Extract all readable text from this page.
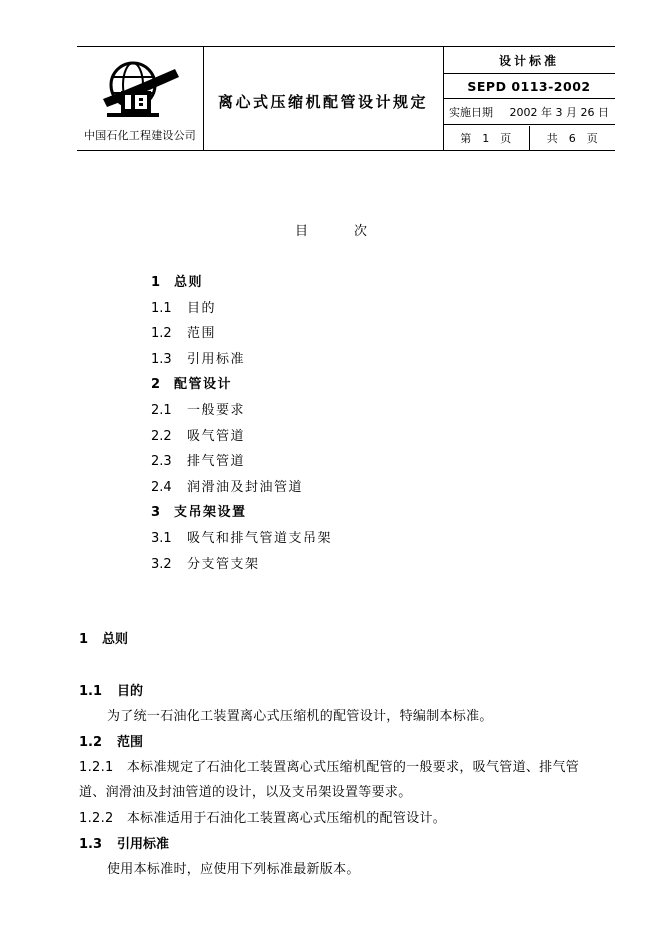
中国石化工程建设公司
离心式压缩机配管设计规定
设计标准
SEPD 0113-2002
实施日期 2002 年 3 月 26 日
第　1　页	共　6　页
目	次
1	总则
1.1	目的
1.2	范围
1.3	引用标准
2	配管设计
2.1	一般要求
2.2	吸气管道
2.3	排气管道
2.4	润滑油及封油管道
3	支吊架设置
3.1	吸气和排气管道支吊架
3.2	分支管支架
1 总则
1.1 目的
为了统一石油化工装置离心式压缩机的配管设计，特编制本标准。
1.2 范围
1.2.1　本标准规定了石油化工装置离心式压缩机配管的一般要求，吸气管道、排气管
道、润滑油及封油管道的设计，以及支吊架设置等要求。
1.2.2　本标准适用于石油化工装置离心式压缩机的配管设计。
1.3 引用标准
使用本标准时，应使用下列标准最新版本。
